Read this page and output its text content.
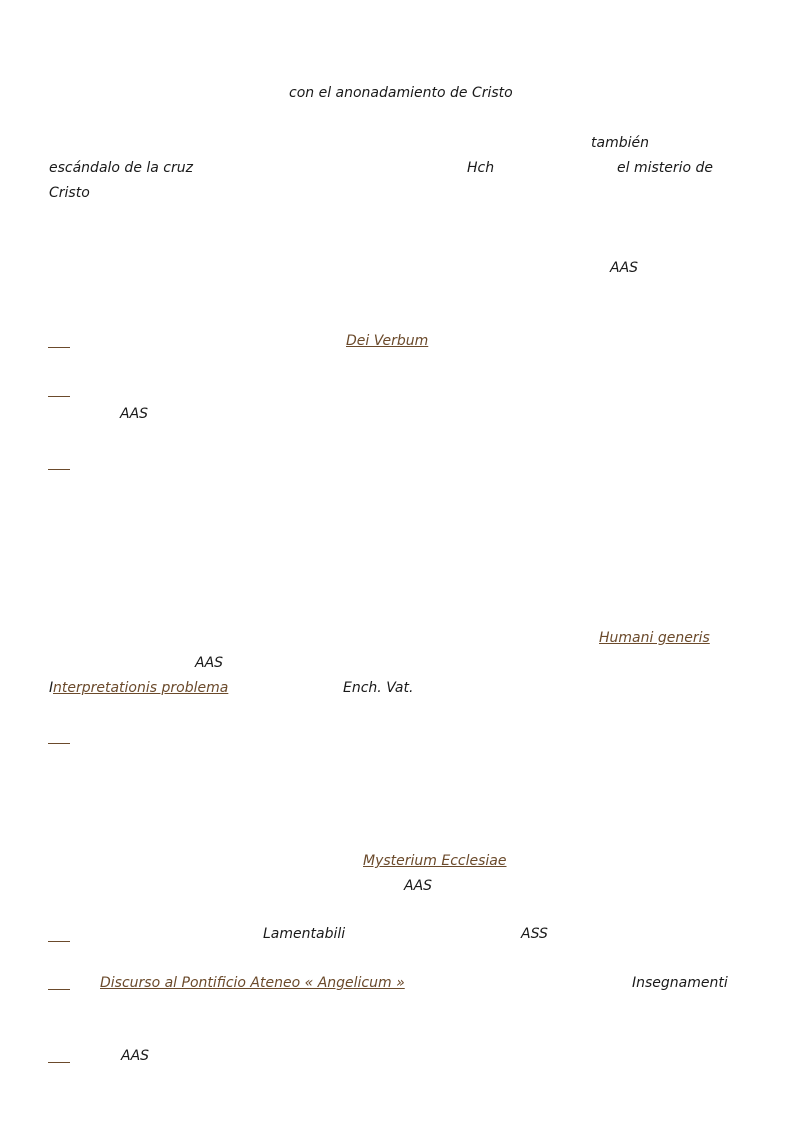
con el anonadamiento de Cristo
también
escándalo de la cruz	Hch	el misterio de
Cristo
AAS
Dei Verbum
AAS
Humani generis
AAS
I nterpretationis problema	Ench. Vat.
Mysterium Ecclesiae
AAS
Lamentabili	ASS
Discurso al Pontificio Ateneo « Angelicum »	Insegnamenti
AAS
